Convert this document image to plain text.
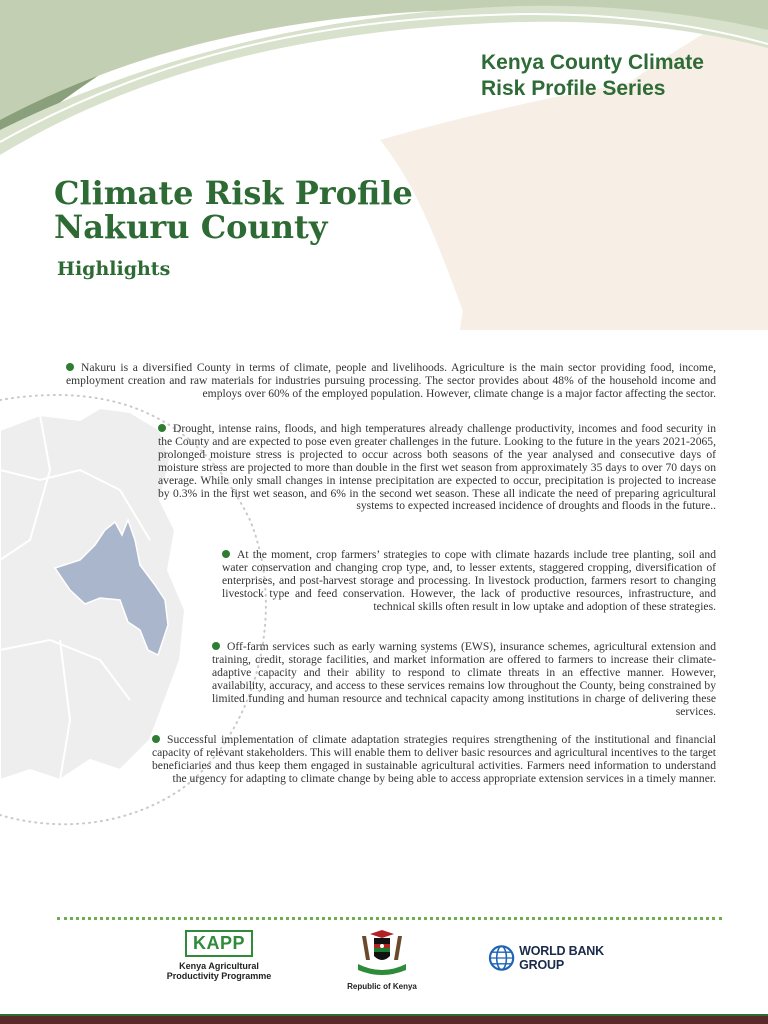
Kenya County Climate
Risk Profile Series
Climate Risk Profile
Nakuru County
Highlights

Nakuru is a diversified County in terms of climate, people and livelihoods. Agriculture is the main sector providing food, income, employment creation and raw materials for industries pursuing processing. The sector provides about 48% of the household income and employs over 60% of the employed population. However, climate change is a major factor affecting the sector.

Drought, intense rains, floods, and high temperatures already challenge productivity, incomes and food security in the County and are expected to pose even greater challenges in the future. Looking to the future in the years 2021-2065, prolonged moisture stress is projected to occur across both seasons of the year analysed and consecutive days of moisture stress are projected to more than double in the first wet season from approximately 35 days to over 70 days on average. While only small changes in intense precipitation are expected to occur, precipitation is projected to increase by 0.3% in the first wet season, and 6% in the second wet season. These all indicate the need of preparing agricultural systems to expected increased incidence of droughts and floods in the future..

At the moment, crop farmers’ strategies to cope with climate hazards include tree planting, soil and water conservation and changing crop type, and, to lesser extents, staggered cropping, diversification of enterprises, and post-harvest storage and processing. In livestock production, farmers resort to changing livestock type and feed conservation. However, the lack of productive resources, infrastructure, and technical skills often result in low uptake and adoption of these strategies.

Off-farm services such as early warning systems (EWS), insurance schemes, agricultural extension and training, credit, storage facilities, and market information are offered to farmers to increase their climate-adaptive capacity and their ability to respond to climate threats in an effective manner. However, availability, accuracy, and access to these services remains low throughout the County, being constrained by limited funding and human resource and technical capacity among institutions in charge of delivering these services.

Successful implementation of climate adaptation strategies requires strengthening of the institutional and financial capacity of relevant stakeholders. This will enable them to deliver basic resources and agricultural incentives to the target beneficiaries and thus keep them engaged in sustainable agricultural activities. Farmers need information to understand the urgency for adapting to climate change by being able to access appropriate extension services in a timely manner.

KAPP
Kenya Agricultural
Productivity Programme
Republic of Kenya
WORLD BANK GROUP
